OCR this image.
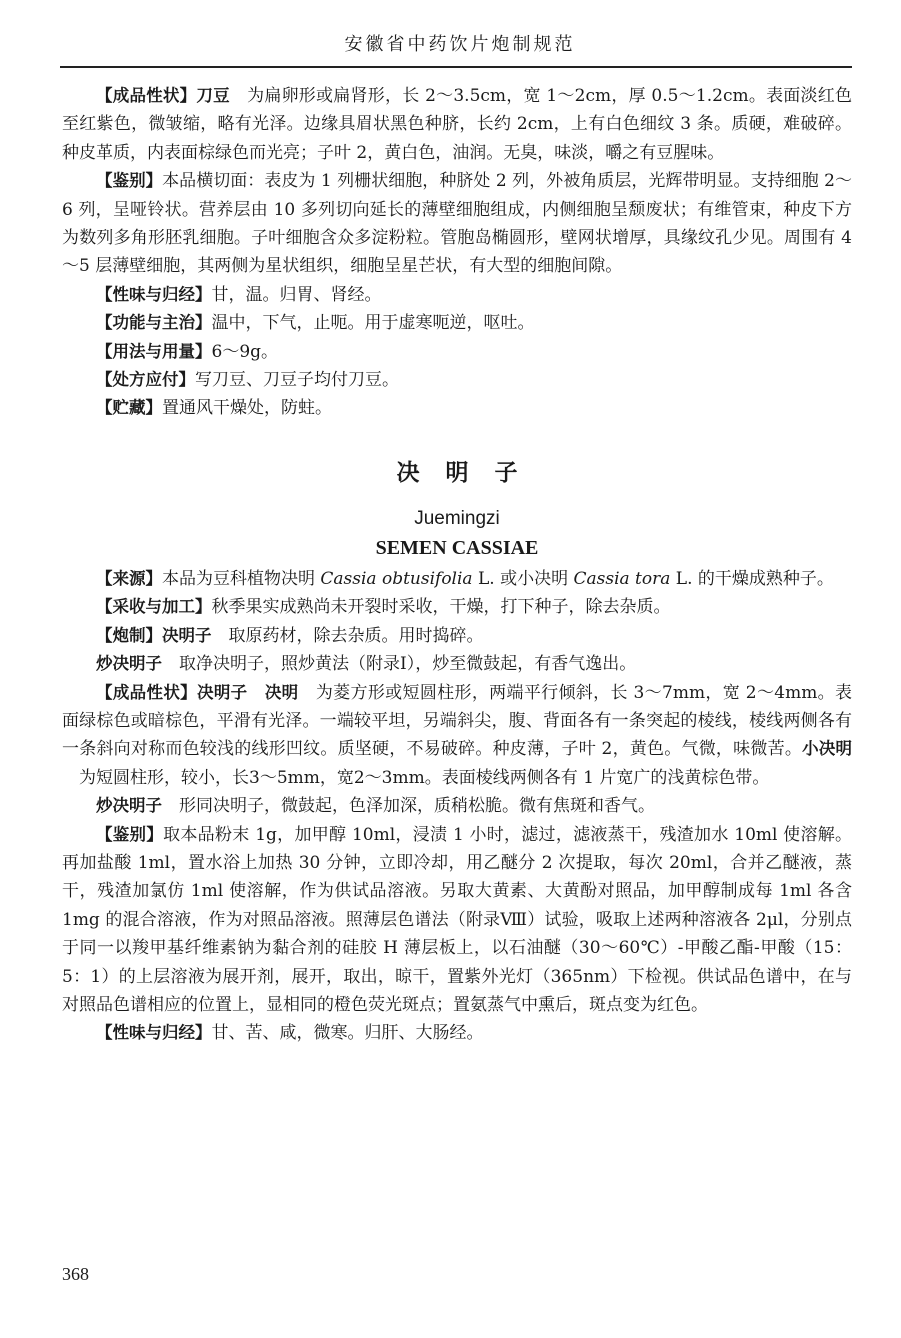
安徽省中药饮片炮制规范

【成品性状】刀豆 为扁卵形或扁肾形，长 2～3.5cm，宽 1～2cm，厚 0.5～1.2cm。表面淡红色至红紫色，微皱缩，略有光泽。边缘具眉状黑色种脐，长约 2cm，上有白色细纹 3 条。质硬，难破碎。种皮革质，内表面棕绿色而光亮；子叶 2，黄白色，油润。无臭，味淡，嚼之有豆腥味。

【鉴别】本品横切面：表皮为 1 列栅状细胞，种脐处 2 列，外被角质层，光辉带明显。支持细胞 2～6 列，呈哑铃状。营养层由 10 多列切向延长的薄壁细胞组成，内侧细胞呈颓废状；有维管束，种皮下方为数列多角形胚乳细胞。子叶细胞含众多淀粉粒。管胞岛椭圆形，壁网状增厚，具缘纹孔少见。周围有 4～5 层薄壁细胞，其两侧为星状组织，细胞呈星芒状，有大型的细胞间隙。

【性味与归经】甘，温。归胃、肾经。

【功能与主治】温中，下气，止呃。用于虚寒呃逆，呕吐。

【用法与用量】6～9g。

【处方应付】写刀豆、刀豆子均付刀豆。

【贮藏】置通风干燥处，防蛀。

决明子
Juemingzi
SEMEN CASSIAE

【来源】本品为豆科植物决明 Cassia obtusifolia L. 或小决明 Cassia tora L. 的干燥成熟种子。

【采收与加工】秋季果实成熟尚未开裂时采收，干燥，打下种子，除去杂质。

【炮制】决明子 取原药材，除去杂质。用时捣碎。

炒决明子 取净决明子，照炒黄法（附录Ⅰ），炒至微鼓起，有香气逸出。

【成品性状】决明子 决明 为菱方形或短圆柱形，两端平行倾斜，长 3～7mm，宽 2～4mm。表面绿棕色或暗棕色，平滑有光泽。一端较平坦，另端斜尖，腹、背面各有一条突起的棱线，棱线两侧各有一条斜向对称而色较浅的线形凹纹。质坚硬，不易破碎。种皮薄，子叶 2，黄色。气微，味微苦。小决明为短圆柱形，较小，长3～5mm，宽2～3mm。表面棱线两侧各有 1 片宽广的浅黄棕色带。

炒决明子 形同决明子，微鼓起，色泽加深，质稍松脆。微有焦斑和香气。

【鉴别】取本品粉末 1g，加甲醇 10ml，浸渍 1 小时，滤过，滤液蒸干，残渣加水 10ml 使溶解。再加盐酸 1ml，置水浴上加热 30 分钟，立即冷却，用乙醚分 2 次提取，每次 20ml，合并乙醚液，蒸干，残渣加氯仿 1ml 使溶解，作为供试品溶液。另取大黄素、大黄酚对照品，加甲醇制成每 1ml 各含 1mg 的混合溶液，作为对照品溶液。照薄层色谱法（附录Ⅷ）试验，吸取上述两种溶液各 2μl，分别点于同一以羧甲基纤维素钠为黏合剂的硅胶 H 薄层板上，以石油醚（30～60℃）-甲酸乙酯-甲酸（15：5：1）的上层溶液为展开剂，展开，取出，晾干，置紫外光灯（365nm）下检视。供试品色谱中，在与对照品色谱相应的位置上，显相同的橙色荧光斑点；置氨蒸气中熏后，斑点变为红色。

【性味与归经】甘、苦、咸，微寒。归肝、大肠经。

368
